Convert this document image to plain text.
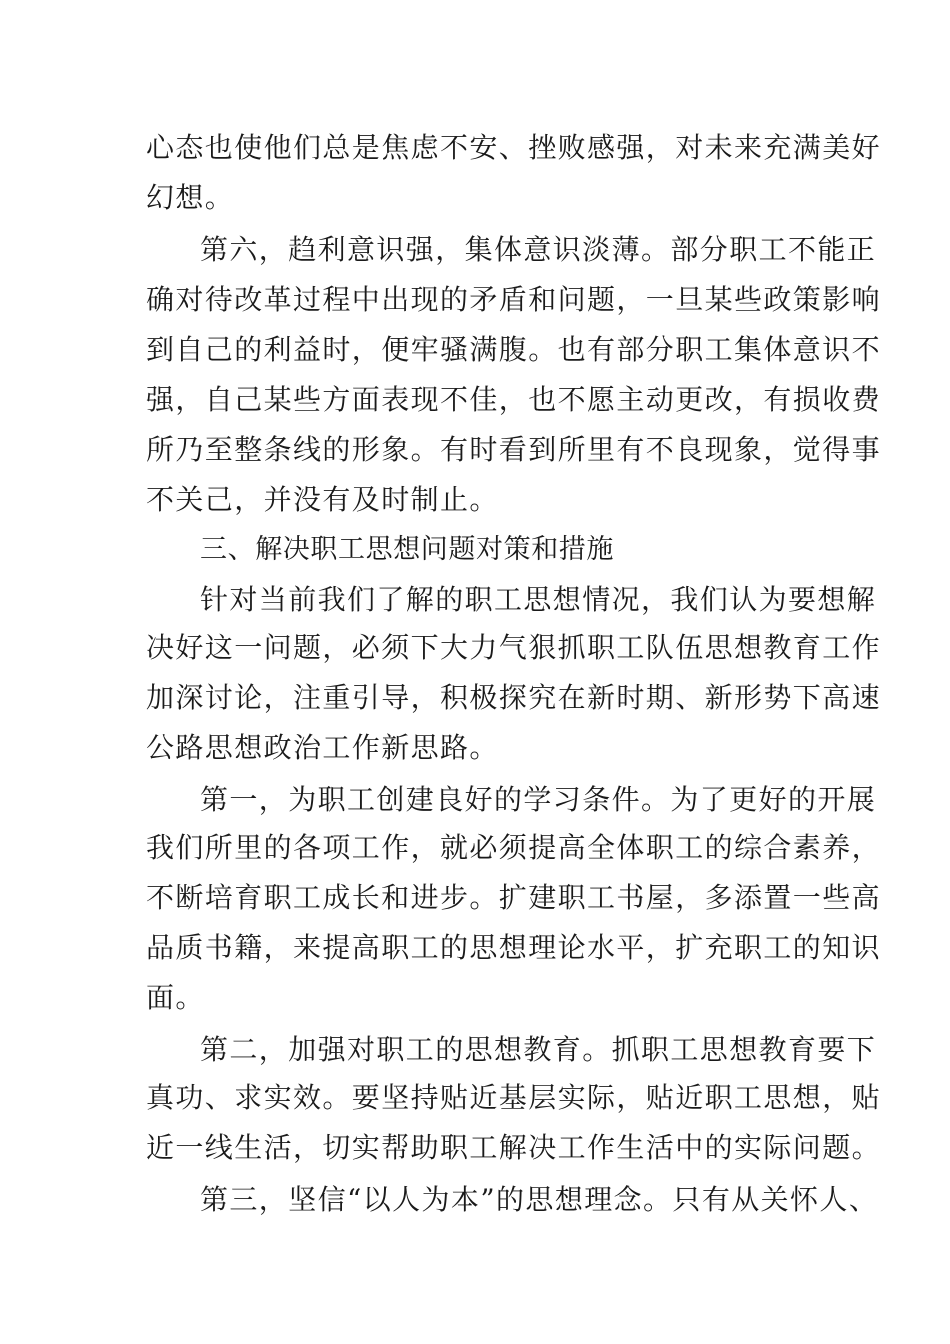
心态也使他们总是焦虑不安、挫败感强，对未来充满美好
幻想。
第六，趋利意识强，集体意识淡薄。部分职工不能正
确对待改革过程中出现的矛盾和问题，一旦某些政策影响
到自己的利益时，便牢骚满腹。也有部分职工集体意识不
强，自己某些方面表现不佳，也不愿主动更改，有损收费
所乃至整条线的形象。有时看到所里有不良现象，觉得事
不关己，并没有及时制止。
三、解决职工思想问题对策和措施
针对当前我们了解的职工思想情况，我们认为要想解
决好这一问题，必须下大力气狠抓职工队伍思想教育工作
加深讨论，注重引导，积极探究在新时期、新形势下高速
公路思想政治工作新思路。
第一，为职工创建良好的学习条件。为了更好的开展
我们所里的各项工作，就必须提高全体职工的综合素养，
不断培育职工成长和进步。扩建职工书屋，多添置一些高
品质书籍，来提高职工的思想理论水平，扩充职工的知识
面。
第二，加强对职工的思想教育。抓职工思想教育要下
真功、求实效。要坚持贴近基层实际，贴近职工思想，贴
近一线生活，切实帮助职工解决工作生活中的实际问题。
第三，坚信“以人为本”的思想理念。只有从关怀人、
